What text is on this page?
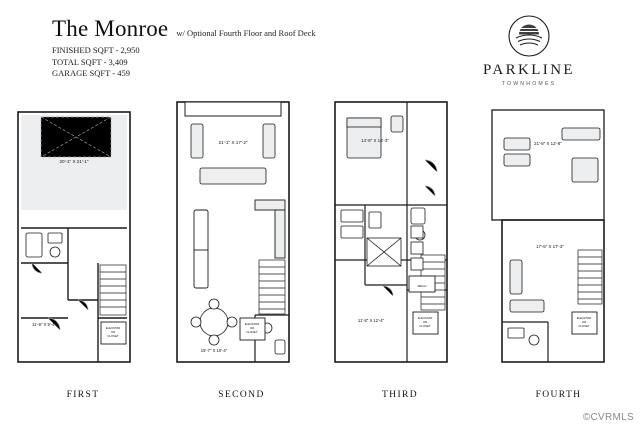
The Monroe w/ Optional Fourth Floor and Roof Deck
FINISHED SQFT - 2,950
TOTAL SQFT - 3,409
GARAGE SQFT - 459	PARKLINE
TOWNHOMES
20'-1" X 21'-1"
11'-8" X 9'-4"
ELEVATOR
OR
CLOSET
FIRST
21'-1" X 17'-2"
15'-7" X 10'-4"
ELEVATOR
OR
CLOSET
SECOND
14'-8" X 16'-3"
11'-8" X 12'-4"
MECH
ELEVATOR
OR
CLOSET
THIRD
21'-8" X 12'-8"
17'-5" X 17'-3"
ELEVATOR
OR
CLOSET
FOURTH
©CVRMLS
